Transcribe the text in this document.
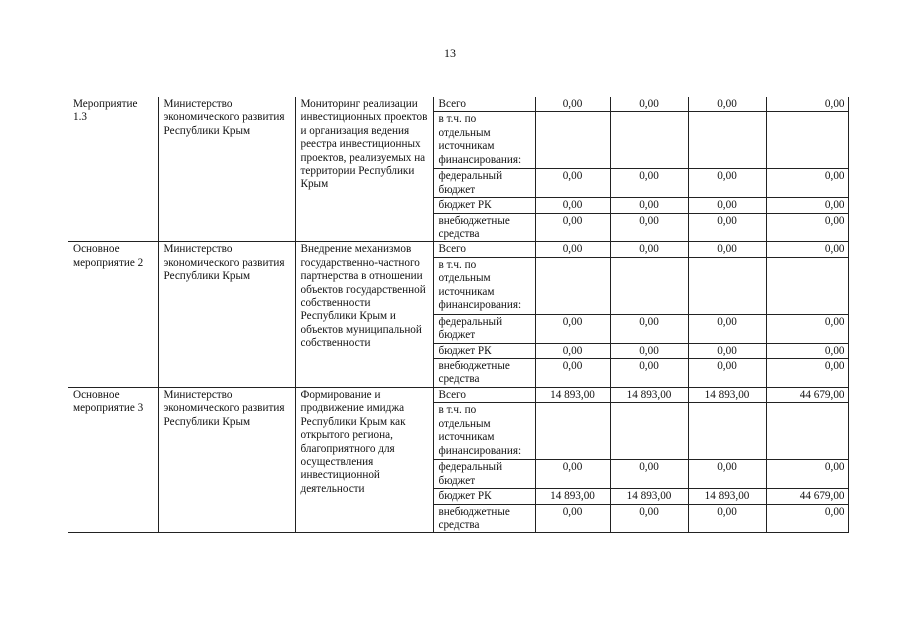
13
Мероприятие 1.3	Министерство экономического развития Республики Крым	Мониторинг реализации инвестиционных проектов и организация ведения реестра инвестиционных проектов, реализуемых на территории Республики Крым	Всего	0,00	0,00	0,00	0,00
			в т.ч. по отдельным источникам финансирования:				
			федеральный бюджет	0,00	0,00	0,00	0,00
			бюджет РК	0,00	0,00	0,00	0,00
			внебюджетные средства	0,00	0,00	0,00	0,00
Основное мероприятие 2	Министерство экономического развития Республики Крым	Внедрение механизмов государственно-частного партнерства в отношении объектов государственной собственности Республики Крым и объектов муниципальной собственности	Всего	0,00	0,00	0,00	0,00
			в т.ч. по отдельным источникам финансирования:				
			федеральный бюджет	0,00	0,00	0,00	0,00
			бюджет РК	0,00	0,00	0,00	0,00
			внебюджетные средства	0,00	0,00	0,00	0,00
Основное мероприятие 3	Министерство экономического развития Республики Крым	Формирование и продвижение имиджа Республики Крым как открытого региона, благоприятного для осуществления инвестиционной деятельности	Всего	14 893,00	14 893,00	14 893,00	44 679,00
			в т.ч. по отдельным источникам финансирования:				
			федеральный бюджет	0,00	0,00	0,00	0,00
			бюджет РК	14 893,00	14 893,00	14 893,00	44 679,00
			внебюджетные средства	0,00	0,00	0,00	0,00
